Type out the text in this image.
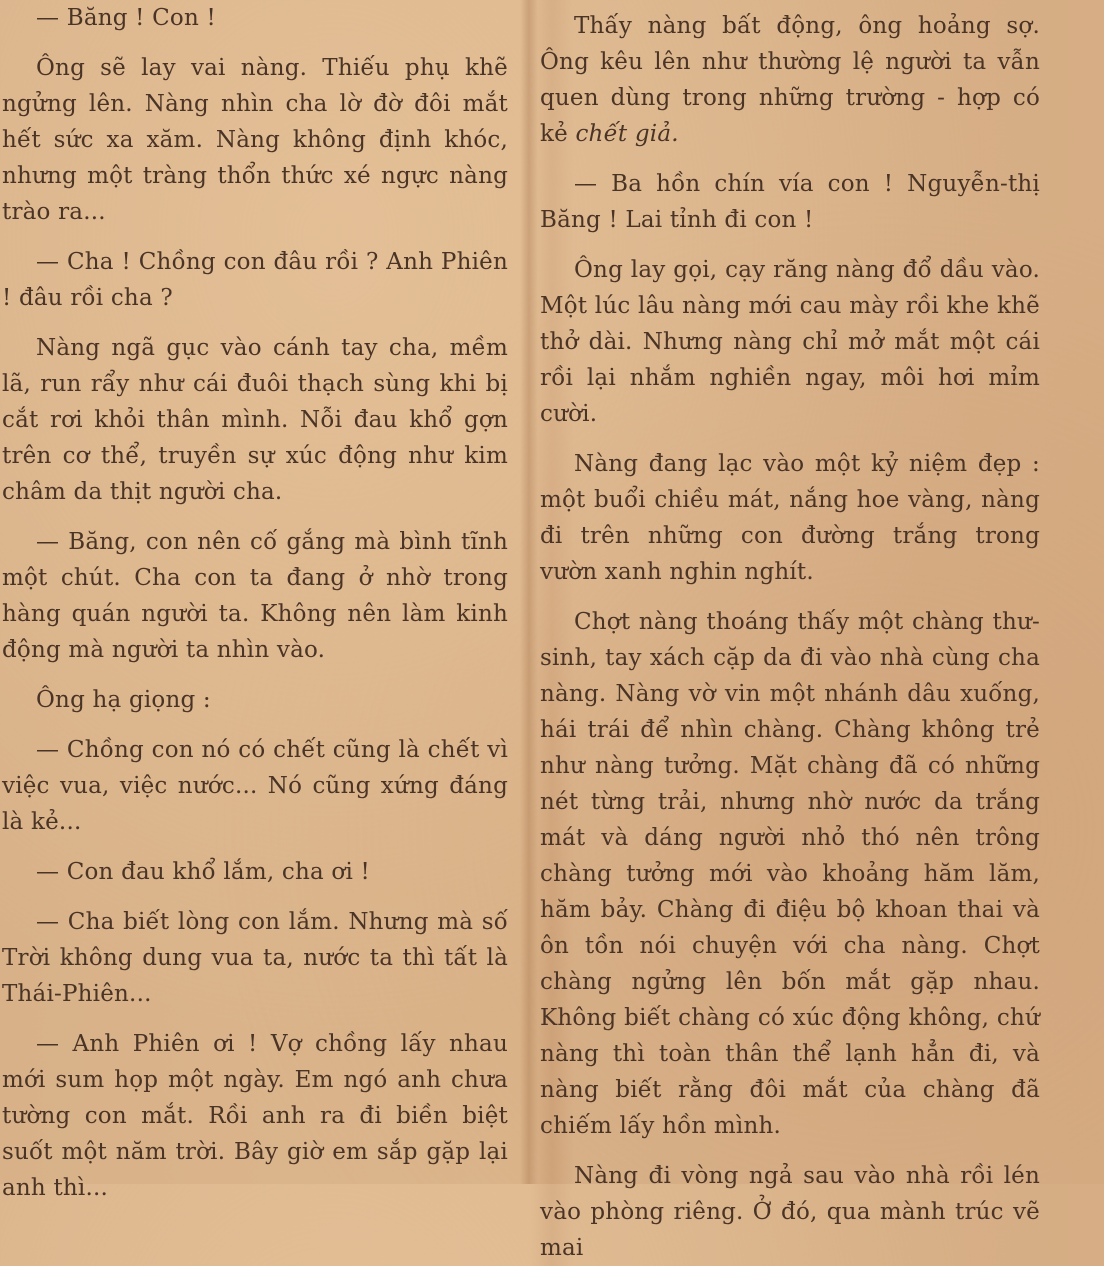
— Băng ! Con !

Ông sẽ lay vai nàng. Thiếu phụ khẽ ngửng lên. Nàng nhìn cha lờ đờ đôi mắt hết sức xa xăm. Nàng không định khóc, nhưng một tràng thổn thức xé ngực nàng trào ra...

— Cha ! Chồng con đâu rồi ? Anh Phiên ! đâu rồi cha ?

Nàng ngã gục vào cánh tay cha, mềm lã, run rẩy như cái đuôi thạch sùng khi bị cắt rơi khỏi thân mình. Nỗi đau khổ gợn trên cơ thể, truyền sự xúc động như kim châm da thịt người cha.

— Băng, con nên cố gắng mà bình tĩnh một chút. Cha con ta đang ở nhờ trong hàng quán người ta. Không nên làm kinh động mà người ta nhìn vào.

Ông hạ giọng :

— Chồng con nó có chết cũng là chết vì việc vua, việc nước... Nó cũng xứng đáng là kẻ...

— Con đau khổ lắm, cha ơi !

— Cha biết lòng con lắm. Nhưng mà số Trời không dung vua ta, nước ta thì tất là Thái-Phiên...

— Anh Phiên ơi ! Vợ chồng lấy nhau mới sum họp một ngày. Em ngó anh chưa tường con mắt. Rồi anh ra đi biền biệt suốt một năm trời. Bây giờ em sắp gặp lại anh thì...

Thấy nàng bất động, ông hoảng sợ. Ông kêu lên như thường lệ người ta vẫn quen dùng trong những trường - hợp có kẻ chết giả.

— Ba hồn chín vía con ! Nguyễn-thị Băng ! Lai tỉnh đi con !

Ông lay gọi, cạy răng nàng đổ dầu vào. Một lúc lâu nàng mới cau mày rồi khe khẽ thở dài. Nhưng nàng chỉ mở mắt một cái rồi lại nhắm nghiền ngay, môi hơi mỉm cười.

Nàng đang lạc vào một kỷ niệm đẹp : một buổi chiều mát, nắng hoe vàng, nàng đi trên những con đường trắng trong vườn xanh nghin nghít.

Chợt nàng thoáng thấy một chàng thư-sinh, tay xách cặp da đi vào nhà cùng cha nàng. Nàng vờ vin một nhánh dâu xuống, hái trái để nhìn chàng. Chàng không trẻ như nàng tưởng. Mặt chàng đã có những nét từng trải, nhưng nhờ nước da trắng mát và dáng người nhỏ thó nên trông chàng tưởng mới vào khoảng hăm lăm, hăm bảy. Chàng đi điệu bộ khoan thai và ôn tồn nói chuyện với cha nàng. Chợt chàng ngửng lên bốn mắt gặp nhau. Không biết chàng có xúc động không, chứ nàng thì toàn thân thể lạnh hẳn đi, và nàng biết rằng đôi mắt của chàng đã chiếm lấy hồn mình.

Nàng đi vòng ngả sau vào nhà rồi lén vào phòng riêng. Ở đó, qua mành trúc vẽ mai
